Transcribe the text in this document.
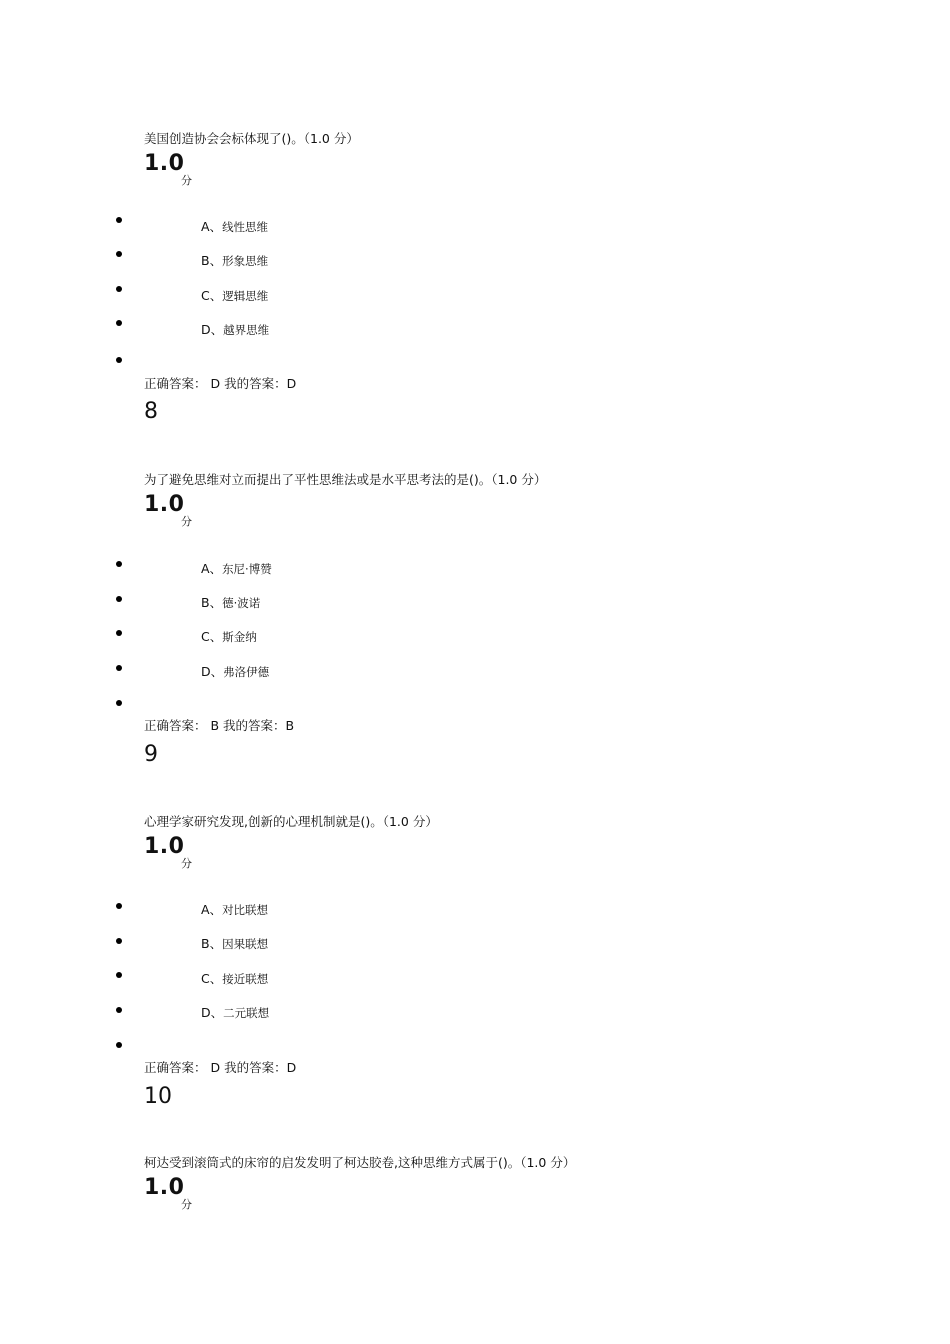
美国创造协会会标体现了()。（1.0 分）
1.0
分
A、线性思维
B、形象思维
C、逻辑思维
D、越界思维
正确答案： D 我的答案：D
8
为了避免思维对立而提出了平性思维法或是水平思考法的是()。（1.0 分）
1.0
分
A、东尼·博赞
B、德·波诺
C、斯金纳
D、弗洛伊德
正确答案： B 我的答案：B
9
心理学家研究发现,创新的心理机制就是()。（1.0 分）
1.0
分
A、对比联想
B、因果联想
C、接近联想
D、二元联想
正确答案： D 我的答案：D
10
柯达受到滚筒式的床帘的启发发明了柯达胶卷,这种思维方式属于()。（1.0 分）
1.0
分
